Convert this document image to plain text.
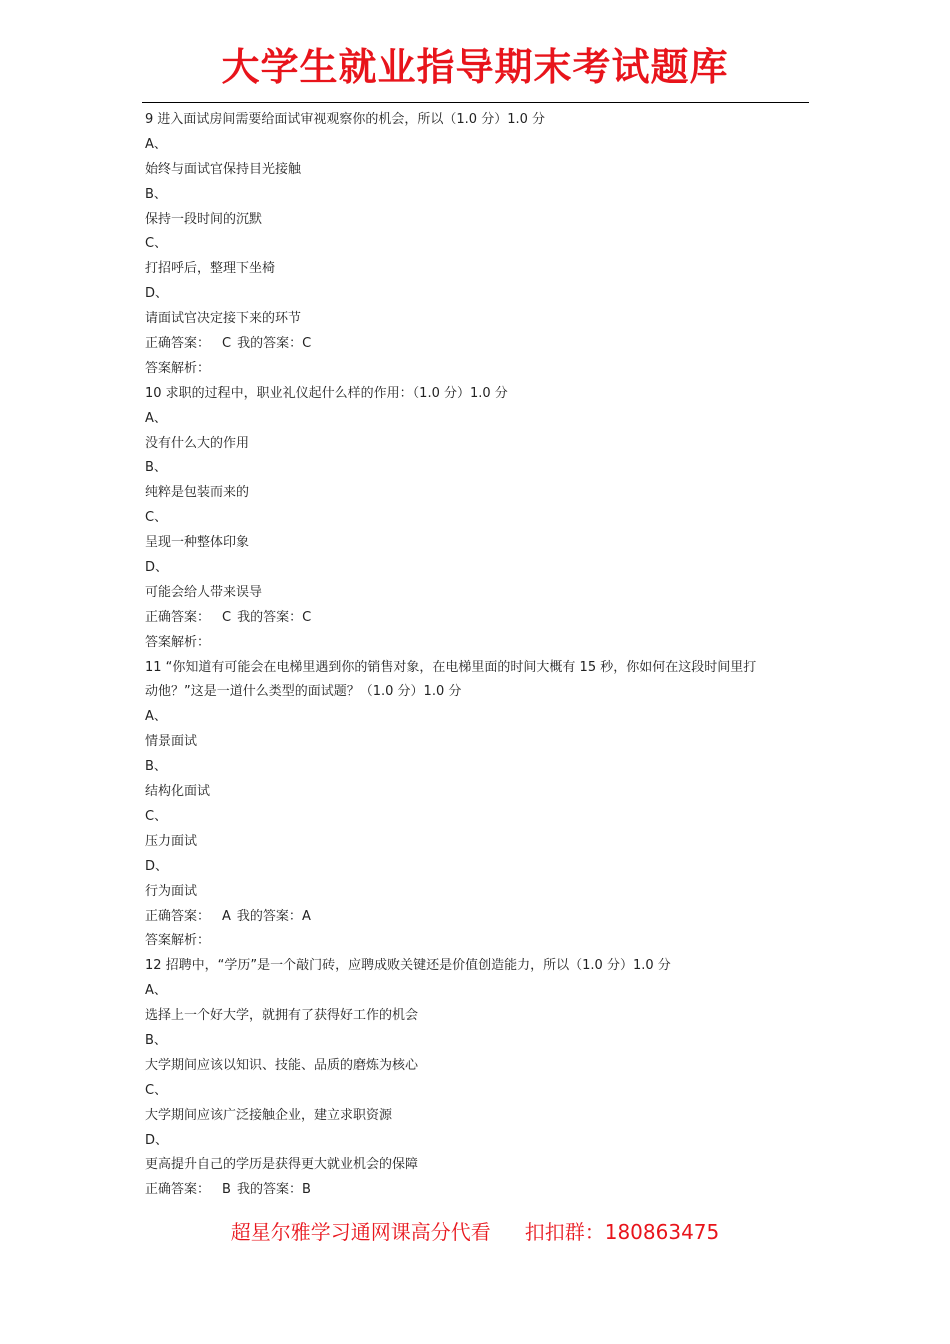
大学生就业指导期末考试题库
9 进入面试房间需要给面试审视观察你的机会，所以（1.0 分）1.0 分
A、
始终与面试官保持目光接触
B、
保持一段时间的沉默
C、
打招呼后，整理下坐椅
D、
请面试官决定接下来的环节
正确答案： C 我的答案：C
答案解析：
10 求职的过程中，职业礼仪起什么样的作用：（1.0 分）1.0 分
A、
没有什么大的作用
B、
纯粹是包装而来的
C、
呈现一种整体印象
D、
可能会给人带来误导
正确答案： C 我的答案：C
答案解析：
11 “你知道有可能会在电梯里遇到你的销售对象，在电梯里面的时间大概有 15 秒，你如何在这段时间里打
动他？”这是一道什么类型的面试题？（1.0 分）1.0 分
A、
情景面试
B、
结构化面试
C、
压力面试
D、
行为面试
正确答案： A 我的答案：A
答案解析：
12 招聘中，“学历”是一个敲门砖，应聘成败关键还是价值创造能力，所以（1.0 分）1.0 分
A、
选择上一个好大学，就拥有了获得好工作的机会
B、
大学期间应该以知识、技能、品质的磨炼为核心
C、
大学期间应该广泛接触企业，建立求职资源
D、
更高提升自己的学历是获得更大就业机会的保障
正确答案： B 我的答案：B
超星尔雅学习通网课高分代看 扣扣群：180863475
